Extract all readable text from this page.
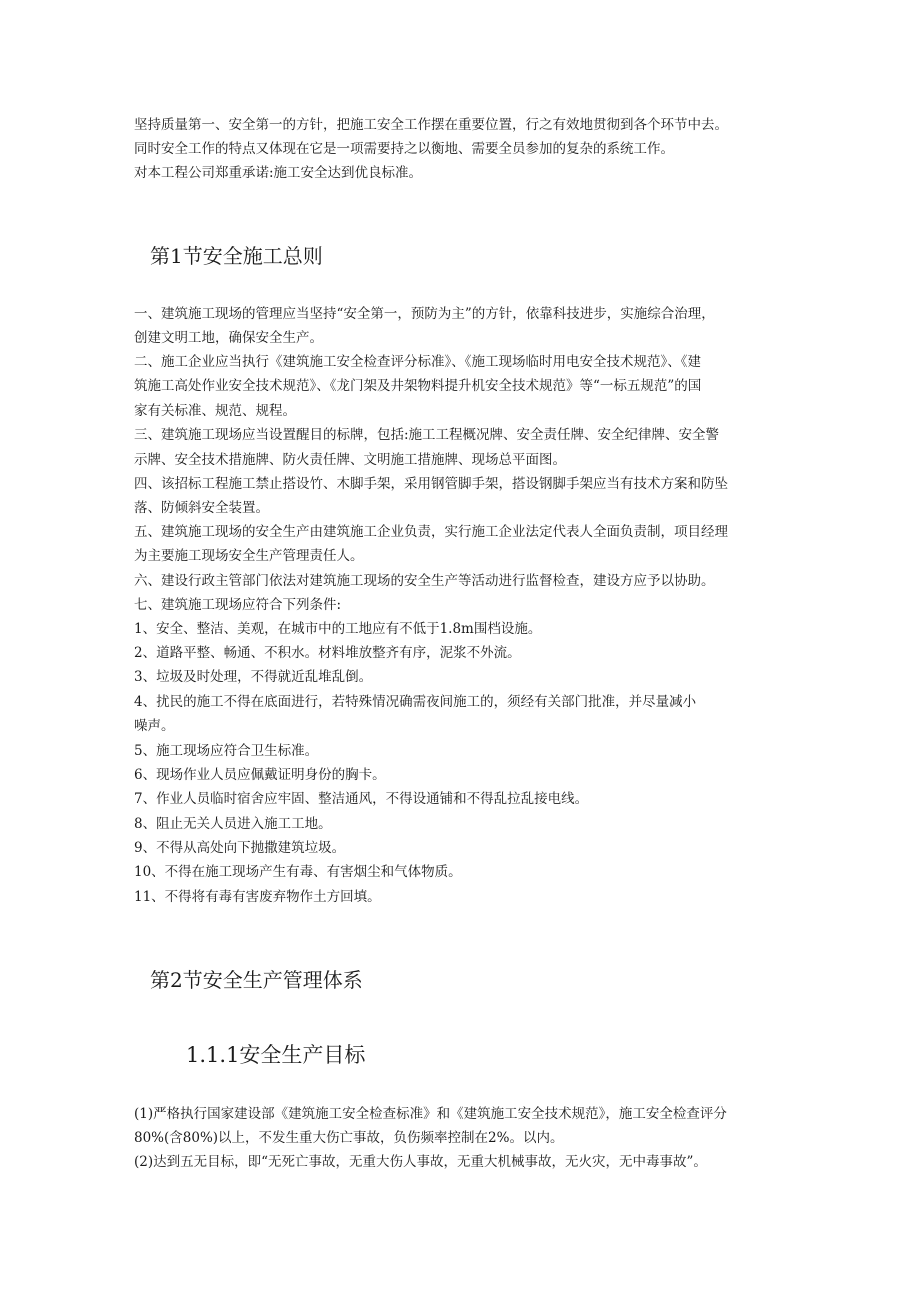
坚持质量第一、安全第一的方针，把施工安全工作摆在重要位置，行之有效地贯彻到各个环节中去。
同时安全工作的特点又体现在它是一项需要持之以衡地、需要全员参加的复杂的系统工作。
对本工程公司郑重承诺:施工安全达到优良标准。
第1节安全施工总则
一、建筑施工现场的管理应当坚持“安全第一，预防为主”的方针，依靠科技进步，实施综合治理，
创建文明工地，确保安全生产。
二、施工企业应当执行《建筑施工安全检查评分标准》、《施工现场临时用电安全技术规范》、《建
筑施工高处作业安全技术规范》、《龙门架及井架物料提升机安全技术规范》等“一标五规范”的国
家有关标准、规范、规程。
三、建筑施工现场应当设置醒目的标牌，包括:施工工程概况牌、安全责任牌、安全纪律牌、安全警
示牌、安全技术措施牌、防火责任牌、文明施工措施牌、现场总平面图。
四、该招标工程施工禁止搭设竹、木脚手架，采用钢管脚手架，搭设钢脚手架应当有技术方案和防坠
落、防倾斜安全装置。
五、建筑施工现场的安全生产由建筑施工企业负责，实行施工企业法定代表人全面负责制，项目经理
为主要施工现场安全生产管理责任人。
六、建设行政主管部门依法对建筑施工现场的安全生产等活动进行监督检查，建设方应予以协助。
七、建筑施工现场应符合下列条件:
1、安全、整洁、美观，在城市中的工地应有不低于1.8m围档设施。
2、道路平整、畅通、不积水。材料堆放整齐有序，泥浆不外流。
3、垃圾及时处理，不得就近乱堆乱倒。
4、扰民的施工不得在底面进行，若特殊情况确需夜间施工的，须经有关部门批准，并尽量减小
噪声。
5、施工现场应符合卫生标准。
6、现场作业人员应佩戴证明身份的胸卡。
7、作业人员临时宿舍应牢固、整洁通风，不得设通铺和不得乱拉乱接电线。
8、阻止无关人员进入施工工地。
9、不得从高处向下抛撒建筑垃圾。
10、不得在施工现场产生有毒、有害烟尘和气体物质。
11、不得将有毒有害废弃物作土方回填。
第2节安全生产管理体系
1.1.1安全生产目标
(1)严格执行国家建设部《建筑施工安全检查标准》和《建筑施工安全技术规范》，施工安全检查评分
80%(含80%)以上，不发生重大伤亡事故，负伤频率控制在2%。以内。
(2)达到五无目标，即“无死亡事故，无重大伤人事故，无重大机械事故，无火灾，无中毒事故”。
